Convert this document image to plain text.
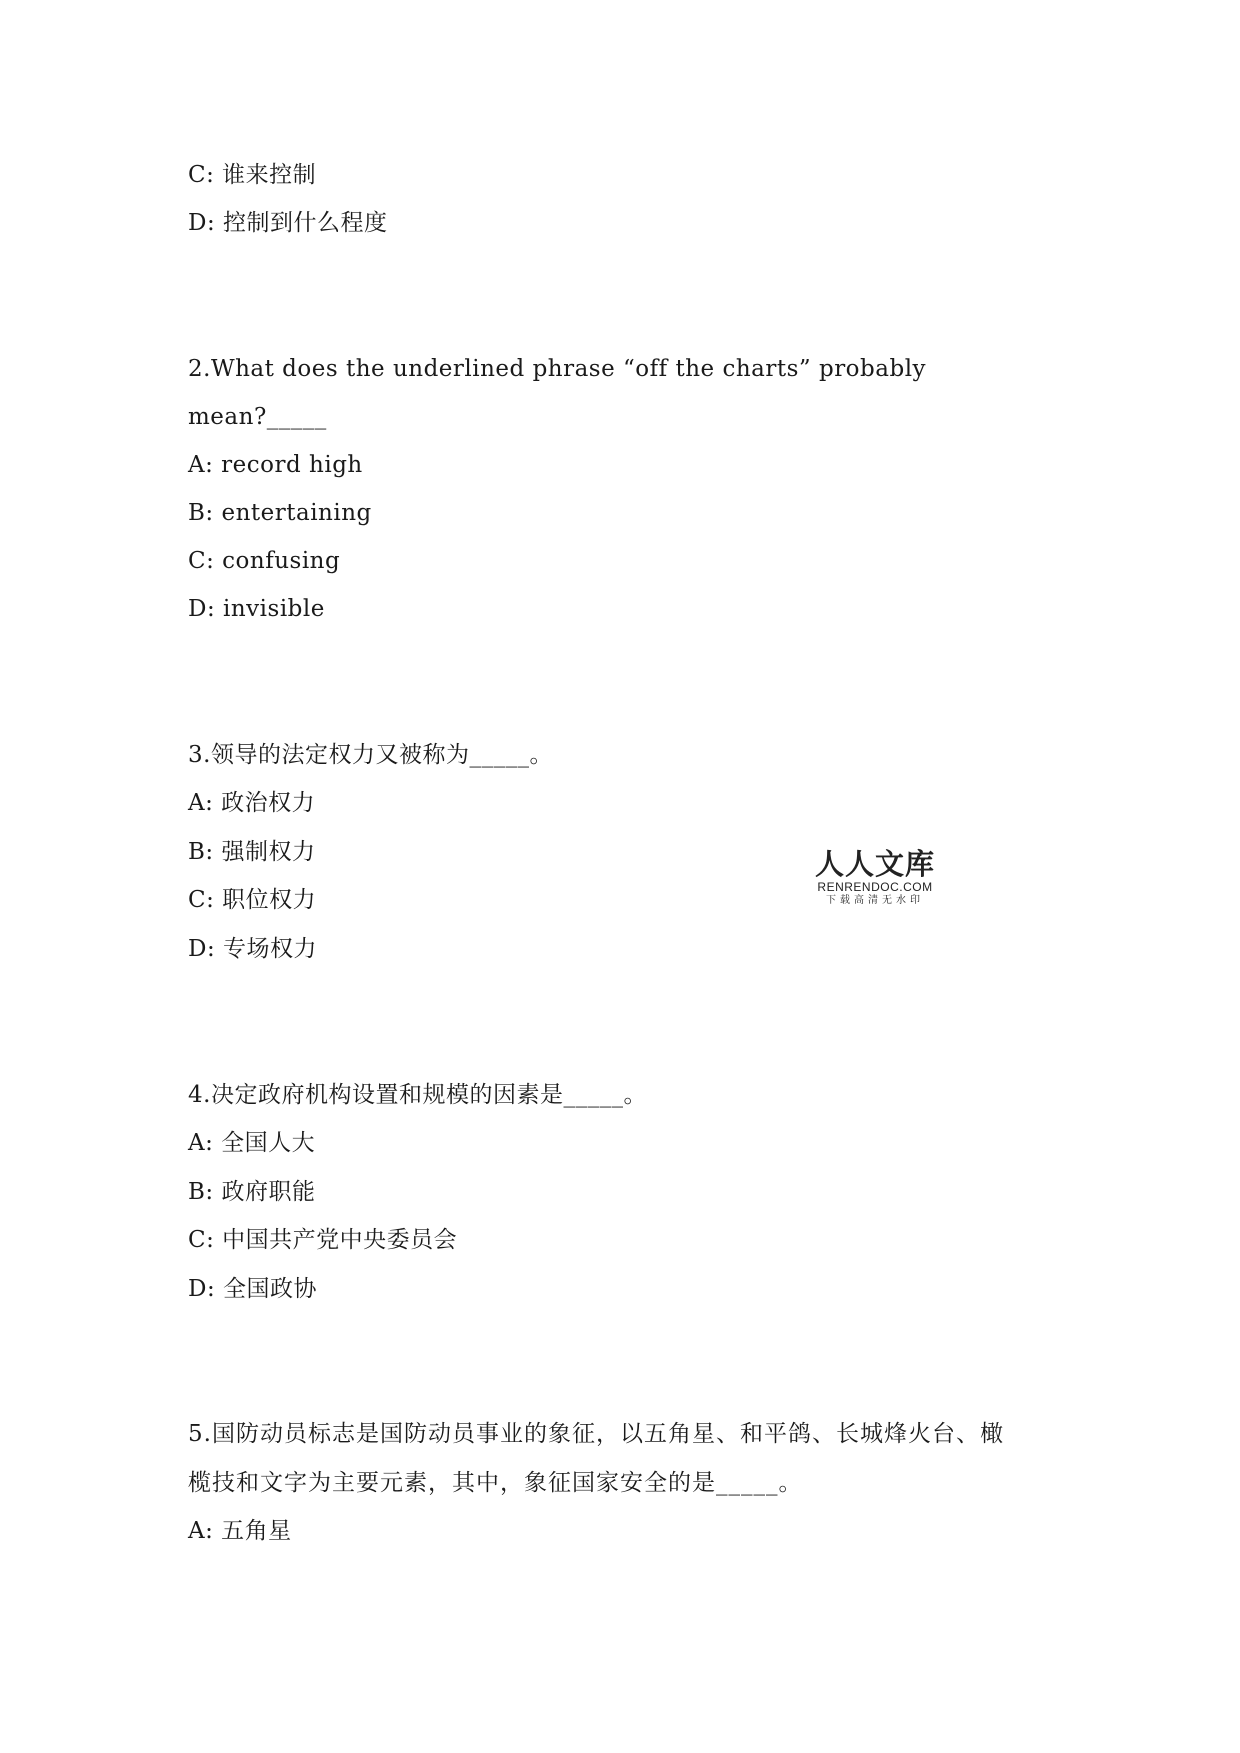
C: 谁来控制
D: 控制到什么程度
2.What does the underlined phrase “off the charts” probably
mean?_____
A: record high
B: entertaining
C: confusing
D: invisible
3.领导的法定权力又被称为_____。
A: 政治权力
B: 强制权力
C: 职位权力
D: 专场权力
4.决定政府机构设置和规模的因素是_____。
A: 全国人大
B: 政府职能
C: 中国共产党中央委员会
D: 全国政协
5.国防动员标志是国防动员事业的象征，以五角星、和平鸽、长城烽火台、橄
榄技和文字为主要元素，其中，象征国家安全的是_____。
A: 五角星
人人文库
RENRENDOC.COM
下载高清无水印
